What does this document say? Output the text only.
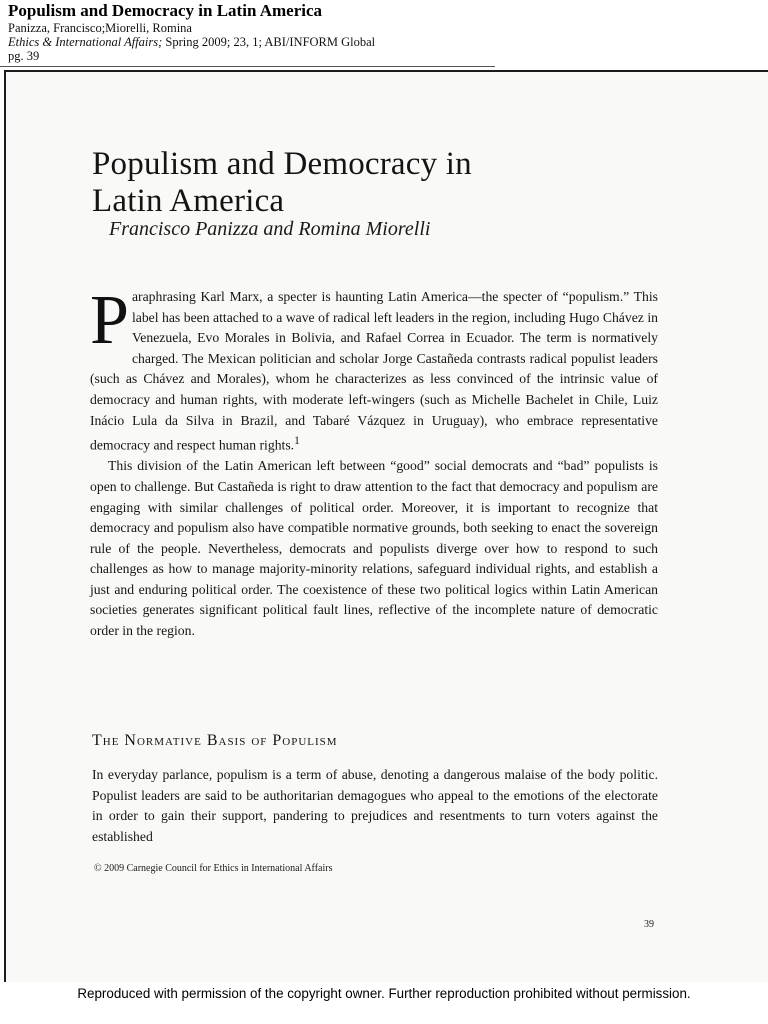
Populism and Democracy in Latin America
Panizza, Francisco;Miorelli, Romina
Ethics & International Affairs; Spring 2009; 23, 1; ABI/INFORM Global
pg. 39
Populism and Democracy in
Latin America
Francisco Panizza and Romina Miorelli

Paraphrasing Karl Marx, a specter is haunting Latin America—the specter of “populism.” This label has been attached to a wave of radical left leaders in the region, including Hugo Chávez in Venezuela, Evo Morales in Bolivia, and Rafael Correa in Ecuador. The term is normatively charged. The Mexican politician and scholar Jorge Castañeda contrasts radical populist leaders (such as Chávez and Morales), whom he characterizes as less convinced of the intrinsic value of democracy and human rights, with moderate left-wingers (such as Michelle Bachelet in Chile, Luiz Inácio Lula da Silva in Brazil, and Tabaré Vázquez in Uruguay), who embrace representative democracy and respect human rights.$^1$

This division of the Latin American left between “good” social democrats and “bad” populists is open to challenge. But Castañeda is right to draw attention to the fact that democracy and populism are engaging with similar challenges of political order. Moreover, it is important to recognize that democracy and populism also have compatible normative grounds, both seeking to enact the sovereign rule of the people. Nevertheless, democrats and populists diverge over how to respond to such challenges as how to manage majority-minority relations, safeguard individual rights, and establish a just and enduring political order. The coexistence of these two political logics within Latin American societies generates significant political fault lines, reflective of the incomplete nature of democratic order in the region.

The Normative Basis of Populism

In everyday parlance, populism is a term of abuse, denoting a dangerous malaise of the body politic. Populist leaders are said to be authoritarian demagogues who appeal to the emotions of the electorate in order to gain their support, pandering to prejudices and resentments to turn voters against the established

© 2009 Carnegie Council for Ethics in International Affairs
39
Reproduced with permission of the copyright owner. Further reproduction prohibited without permission.
